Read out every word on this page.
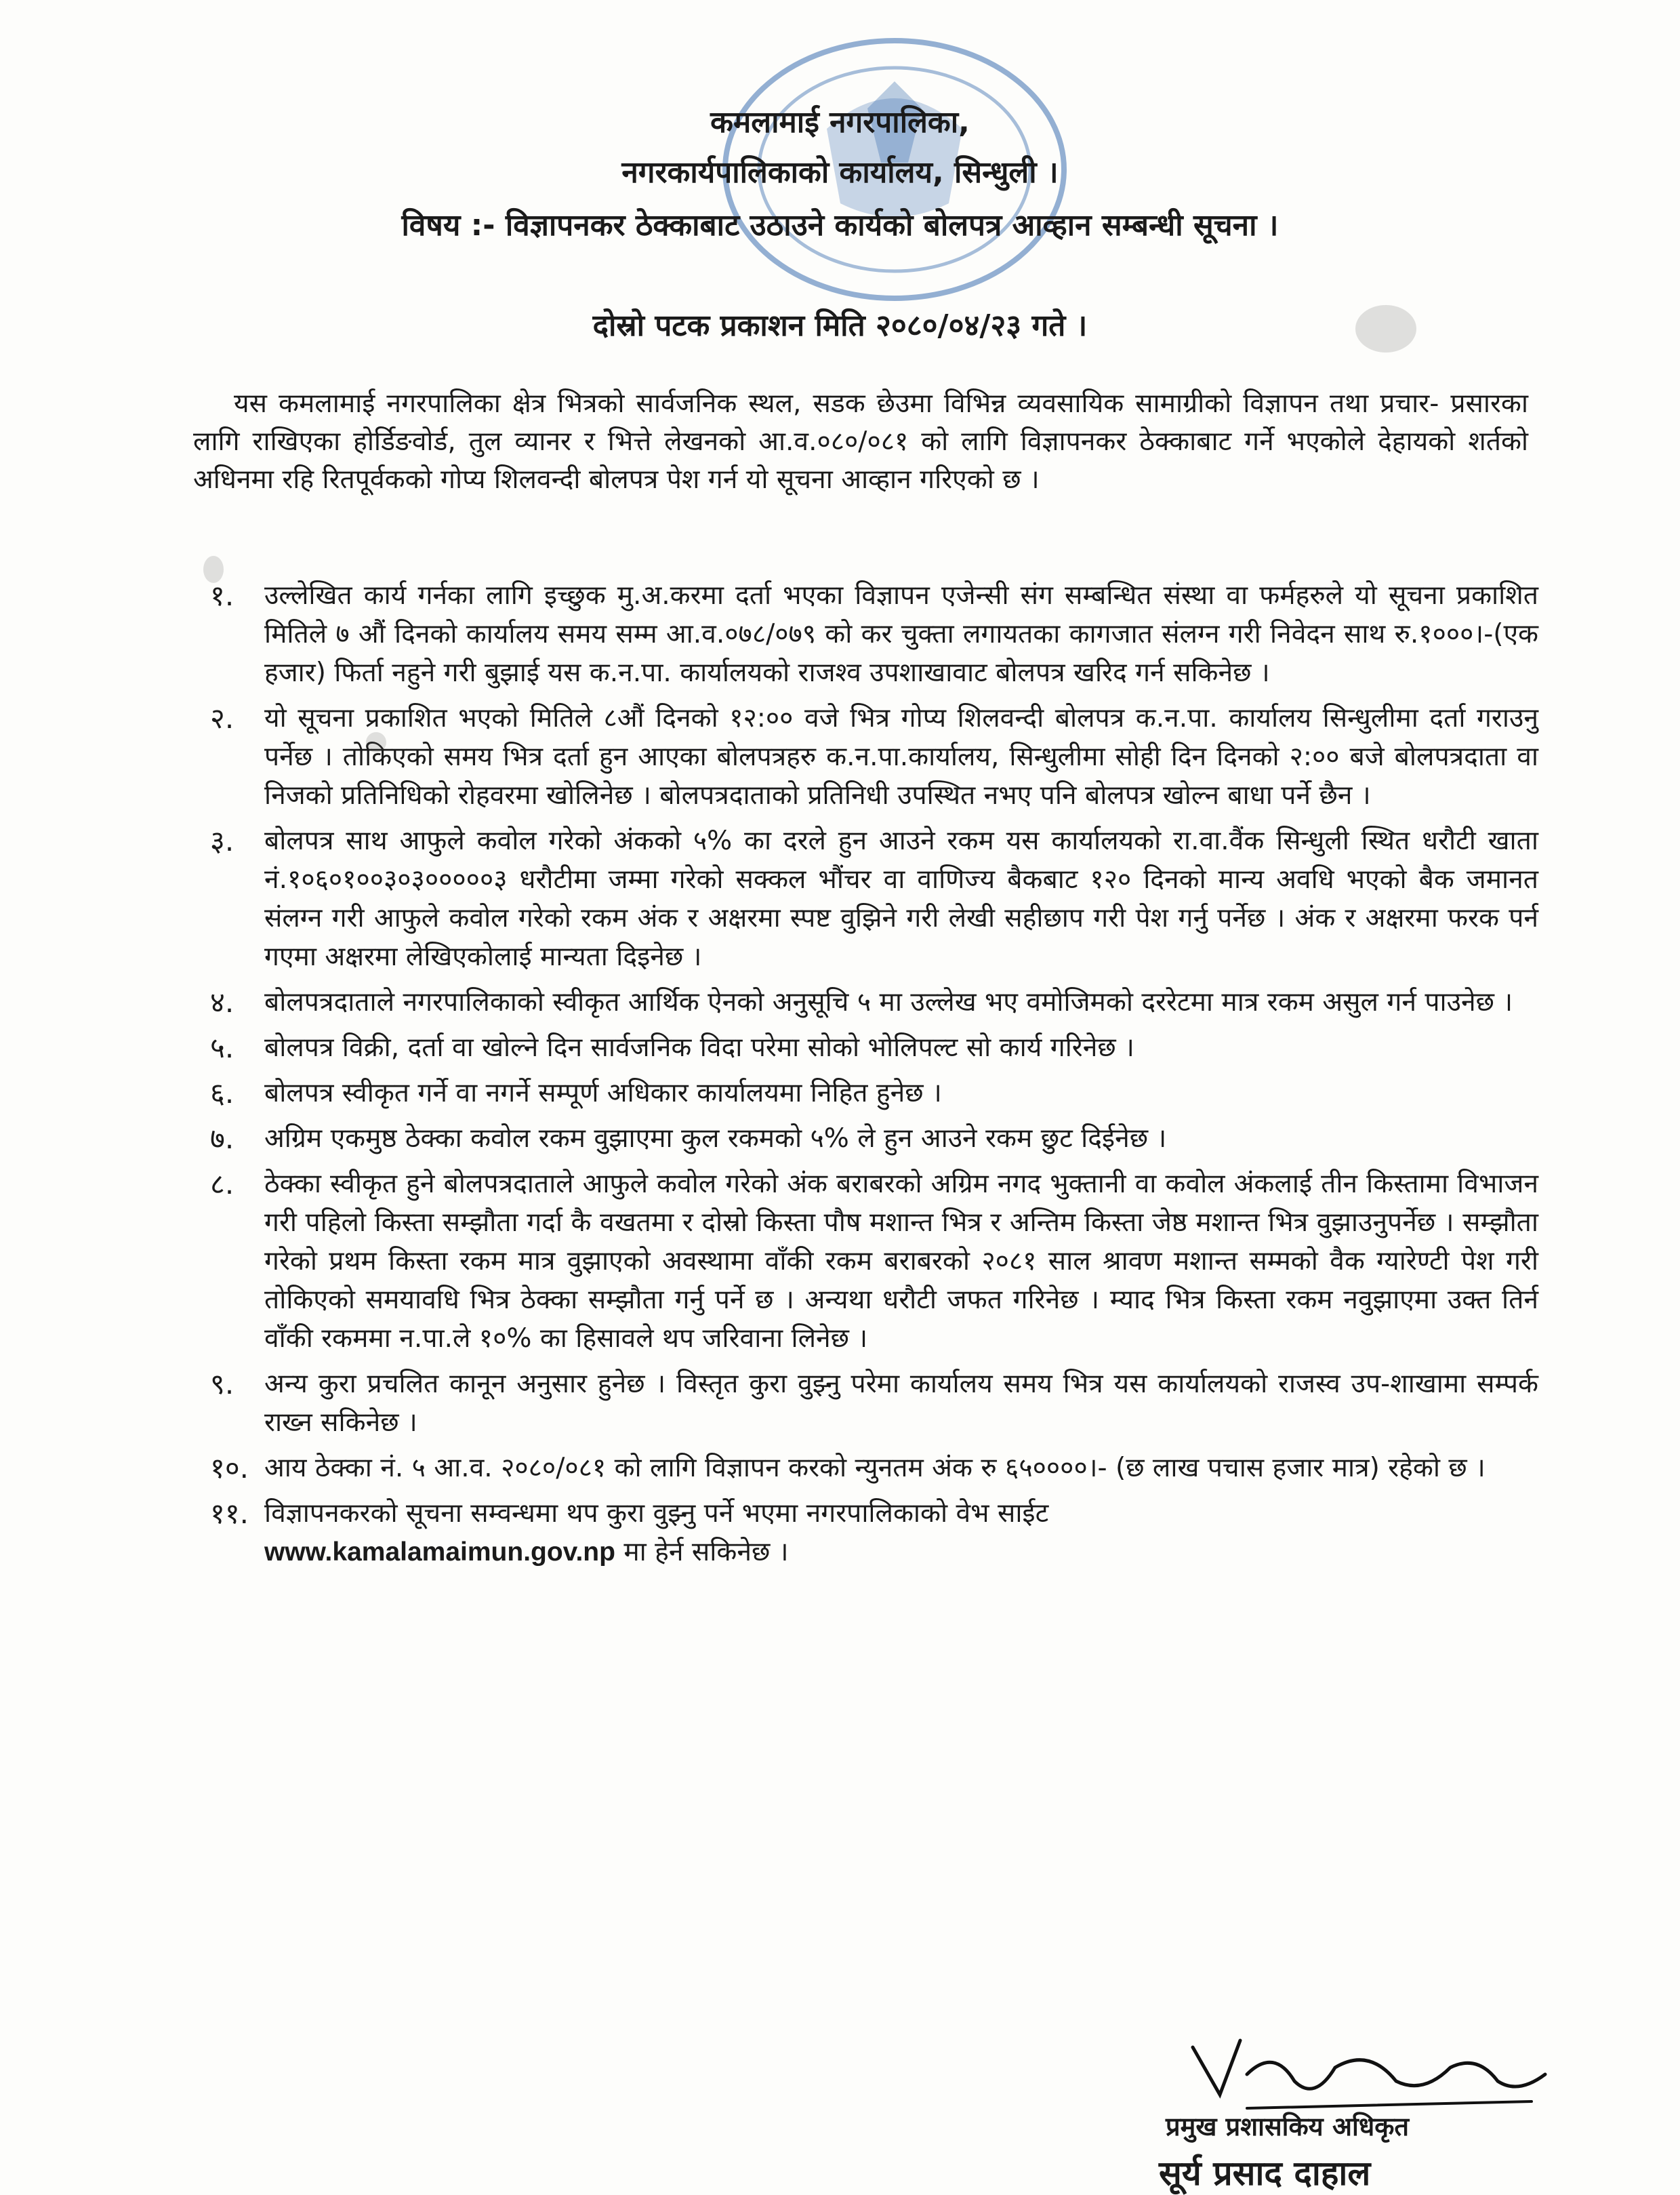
कमलामाई नगरपालिका,
नगरकार्यपालिकाको कार्यालय, सिन्धुली ।
विषय :- विज्ञापनकर ठेक्काबाट उठाउने कार्यको बोलपत्र आव्हान सम्बन्धी सूचना ।
दोस्रो पटक प्रकाशन मिति २०८०/०४/२३ गते ।

यस कमलामाई नगरपालिका क्षेत्र भित्रको सार्वजनिक स्थल, सडक छेउमा विभिन्न व्यवसायिक सामाग्रीको विज्ञापन तथा प्रचार- प्रसारका लागि राखिएका होर्डिङवोर्ड, तुल व्यानर र भित्ते लेखनको आ.व.०८०/०८१ को लागि विज्ञापनकर ठेक्काबाट गर्ने भएकोले देहायको शर्तको अधिनमा रहि रितपूर्वकको गोप्य शिलवन्दी बोलपत्र पेश गर्न यो सूचना आव्हान गरिएको छ ।

१.	उल्लेखित कार्य गर्नका लागि इच्छुक मु.अ.करमा दर्ता भएका विज्ञापन एजेन्सी संग सम्बन्धित संस्था वा फर्महरुले यो सूचना प्रकाशित मितिले ७ औं दिनको कार्यालय समय सम्म आ.व.०७८/०७९ को कर चुक्ता लगायतका कागजात संलग्न गरी निवेदन साथ रु.१०००।-(एक हजार) फिर्ता नहुने गरी बुझाई यस क.न.पा. कार्यालयको राजश्व उपशाखावाट बोलपत्र खरिद गर्न सकिनेछ ।
२.	यो सूचना प्रकाशित भएको मितिले ८औं दिनको १२:०० वजे भित्र गोप्य शिलवन्दी बोलपत्र क.न.पा. कार्यालय सिन्धुलीमा दर्ता गराउनु पर्नेछ । तोकिएको समय भित्र दर्ता हुन आएका बोलपत्रहरु क.न.पा.कार्यालय, सिन्धुलीमा सोही दिन दिनको २:०० बजे बोलपत्रदाता वा निजको प्रतिनिधिको रोहवरमा खोलिनेछ । बोलपत्रदाताको प्रतिनिधी उपस्थित नभए पनि बोलपत्र खोल्न बाधा पर्ने छैन ।
३.	बोलपत्र साथ आफुले कवोल गरेको अंकको ५% का दरले हुन आउने रकम यस कार्यालयको रा.वा.वैंक सिन्धुली स्थित धरौटी खाता नं.१०६०१००३०३०००००३ धरौटीमा जम्मा गरेको सक्कल भौंचर वा वाणिज्य बैकबाट १२० दिनको मान्य अवधि भएको बैक जमानत संलग्न गरी आफुले कवोल गरेको रकम अंक र अक्षरमा स्पष्ट वुझिने गरी लेखी सहीछाप गरी पेश गर्नु पर्नेछ । अंक र अक्षरमा फरक पर्न गएमा अक्षरमा लेखिएकोलाई मान्यता दिइनेछ ।
४.	बोलपत्रदाताले नगरपालिकाको स्वीकृत आर्थिक ऐनको अनुसूचि ५ मा उल्लेख भए वमोजिमको दररेटमा मात्र रकम असुल गर्न पाउनेछ ।
५.	बोलपत्र विक्री, दर्ता वा खोल्ने दिन सार्वजनिक विदा परेमा सोको भोलिपल्ट सो कार्य गरिनेछ ।
६.	बोलपत्र स्वीकृत गर्ने वा नगर्ने सम्पूर्ण अधिकार कार्यालयमा निहित हुनेछ ।
७.	अग्रिम एकमुष्ठ ठेक्का कवोल रकम वुझाएमा कुल रकमको ५% ले हुन आउने रकम छुट दिईनेछ ।
८.	ठेक्का स्वीकृत हुने बोलपत्रदाताले आफुले कवोल गरेको अंक बराबरको अग्रिम नगद भुक्तानी वा कवोल अंकलाई तीन किस्तामा विभाजन गरी पहिलो किस्ता सम्झौता गर्दा कै वखतमा र दोस्रो किस्ता पौष मशान्त भित्र र अन्तिम किस्ता जेष्ठ मशान्त भित्र वुझाउनुपर्नेछ । सम्झौता गरेको प्रथम किस्ता रकम मात्र वुझाएको अवस्थामा वाँकी रकम बराबरको २०८१ साल श्रावण मशान्त सम्मको वैक ग्यारेण्टी पेश गरी तोकिएको समयावधि भित्र ठेक्का सम्झौता गर्नु पर्ने छ । अन्यथा धरौटी जफत गरिनेछ । म्याद भित्र किस्ता रकम नवुझाएमा उक्त तिर्न वाँकी रकममा न.पा.ले १०% का हिसावले थप जरिवाना लिनेछ ।
९.	अन्य कुरा प्रचलित कानून अनुसार हुनेछ । विस्तृत कुरा वुझ्नु परेमा कार्यालय समय भित्र यस कार्यालयको राजस्व उप-शाखामा सम्पर्क राख्न सकिनेछ ।
१०. आय ठेक्का नं. ५ आ.व. २०८०/०८१ को लागि विज्ञापन करको न्युनतम अंक रु ६५००००।- (छ लाख पचास हजार मात्र) रहेको छ ।
११. विज्ञापनकरको सूचना सम्वन्धमा थप कुरा वुझ्नु पर्ने भएमा नगरपालिकाको वेभ साईट
www.kamalamaimun.gov.np मा हेर्न सकिनेछ ।
प्रमुख प्रशासकिय अधिकृत
सूर्य प्रसाद दाहाल
